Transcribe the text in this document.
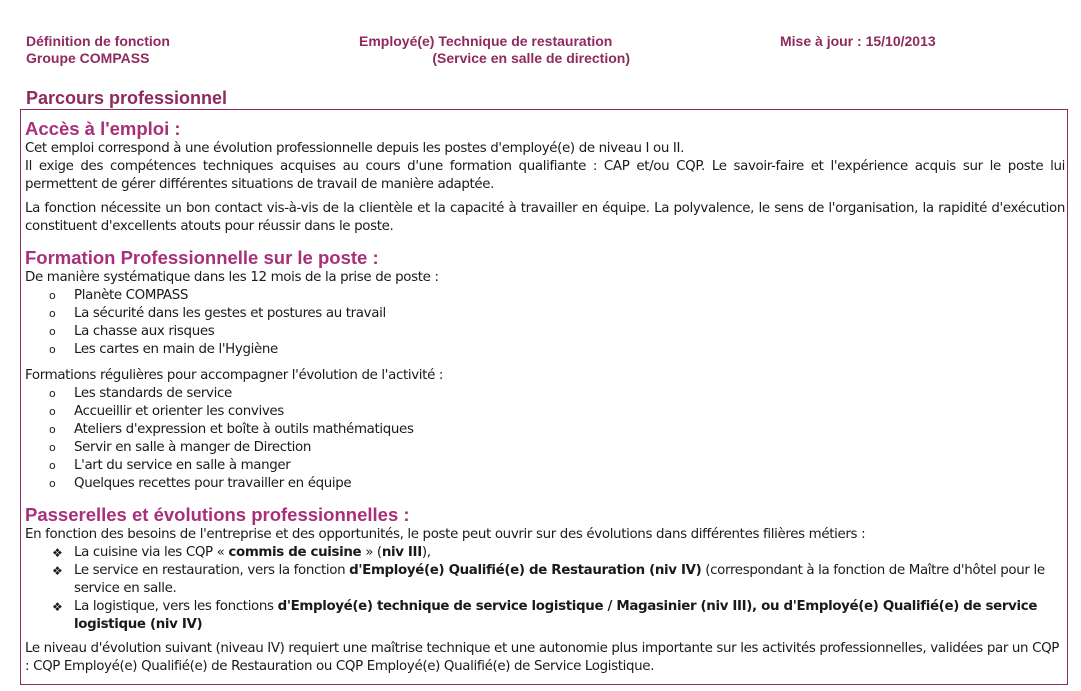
Définition de fonction
Groupe COMPASS
Employé(e) Technique de restauration
(Service en salle de direction)
Mise à jour : 15/10/2013
Parcours professionnel
Accès à l'emploi :

Cet emploi correspond à une évolution professionnelle depuis les postes d'employé(e) de niveau I ou II.

Il exige des compétences techniques acquises au cours d'une formation qualifiante : CAP et/ou CQP. Le savoir-faire et l'expérience acquis sur le poste lui permettent de gérer différentes situations de travail de manière adaptée.

La fonction nécessite un bon contact vis-à-vis de la clientèle et la capacité à travailler en équipe. La polyvalence, le sens de l'organisation, la rapidité d'exécution constituent d'excellents atouts pour réussir dans le poste.

Formation Professionnelle sur le poste :

De manière systématique dans les 12 mois de la prise de poste :

o Planète COMPASS
o La sécurité dans les gestes et postures au travail
o La chasse aux risques
o Les cartes en main de l'Hygiène

Formations régulières pour accompagner l'évolution de l'activité :

o Les standards de service
o Accueillir et orienter les convives
o Ateliers d'expression et boîte à outils mathématiques
o Servir en salle à manger de Direction
o L'art du service en salle à manger
o Quelques recettes pour travailler en équipe
Passerelles et évolutions professionnelles :

En fonction des besoins de l'entreprise et des opportunités, le poste peut ouvrir sur des évolutions dans différentes filières métiers :

❖ La cuisine via les CQP « commis de cuisine » (niv III),
❖ Le service en restauration, vers la fonction d'Employé(e) Qualifié(e) de Restauration (niv IV) (correspondant à la fonction de Maître d'hôtel pour le service en salle.
❖ La logistique, vers les fonctions d'Employé(e) technique de service logistique / Magasinier (niv III), ou d'Employé(e) Qualifié(e) de service logistique (niv IV)

Le niveau d'évolution suivant (niveau IV) requiert une maîtrise technique et une autonomie plus importante sur les activités professionnelles, validées par un CQP : CQP Employé(e) Qualifié(e) de Restauration ou CQP Employé(e) Qualifié(e) de Service Logistique.
